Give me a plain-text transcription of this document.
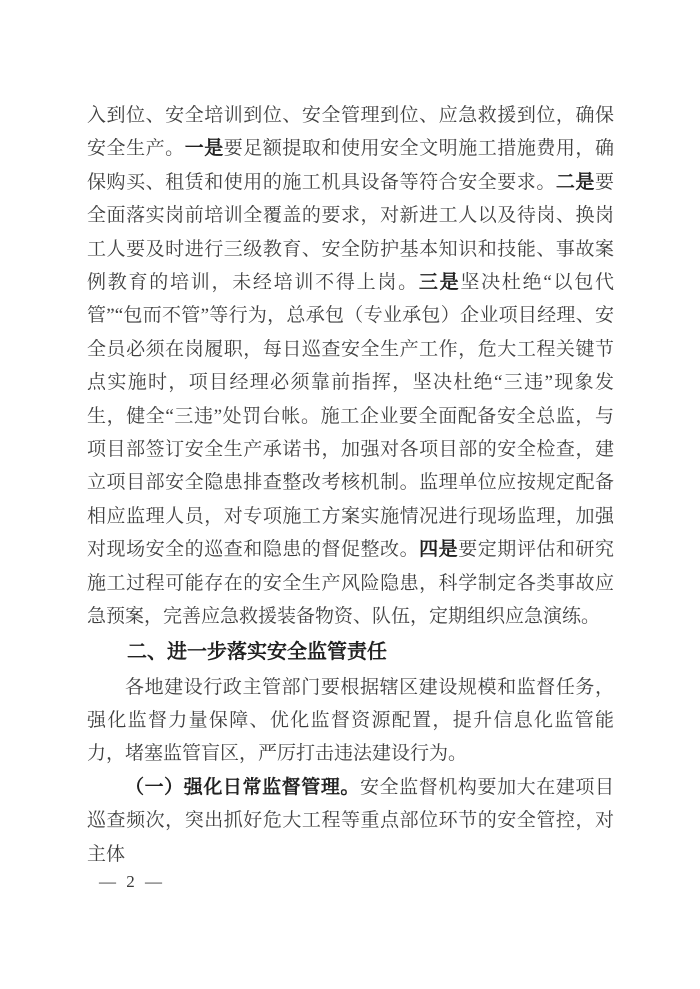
入到位、安全培训到位、安全管理到位、应急救援到位，确保安全生产。一是要足额提取和使用安全文明施工措施费用，确保购买、租赁和使用的施工机具设备等符合安全要求。二是要全面落实岗前培训全覆盖的要求，对新进工人以及待岗、换岗工人要及时进行三级教育、安全防护基本知识和技能、事故案例教育的培训，未经培训不得上岗。三是坚决杜绝“以包代管”“包而不管”等行为，总承包（专业承包）企业项目经理、安全员必须在岗履职，每日巡查安全生产工作，危大工程关键节点实施时，项目经理必须靠前指挥，坚决杜绝“三违”现象发生，健全“三违”处罚台帐。施工企业要全面配备安全总监，与项目部签订安全生产承诺书，加强对各项目部的安全检查，建立项目部安全隐患排查整改考核机制。监理单位应按规定配备相应监理人员，对专项施工方案实施情况进行现场监理，加强对现场安全的巡查和隐患的督促整改。四是要定期评估和研究施工过程可能存在的安全生产风险隐患，科学制定各类事故应急预案，完善应急救援装备物资、队伍，定期组织应急演练。

二、进一步落实安全监管责任

各地建设行政主管部门要根据辖区建设规模和监督任务，强化监督力量保障、优化监督资源配置，提升信息化监管能力，堵塞监管盲区，严厉打击违法建设行为。

（一）强化日常监督管理。安全监督机构要加大在建项目巡查频次，突出抓好危大工程等重点部位环节的安全管控，对主体

— 2 —
